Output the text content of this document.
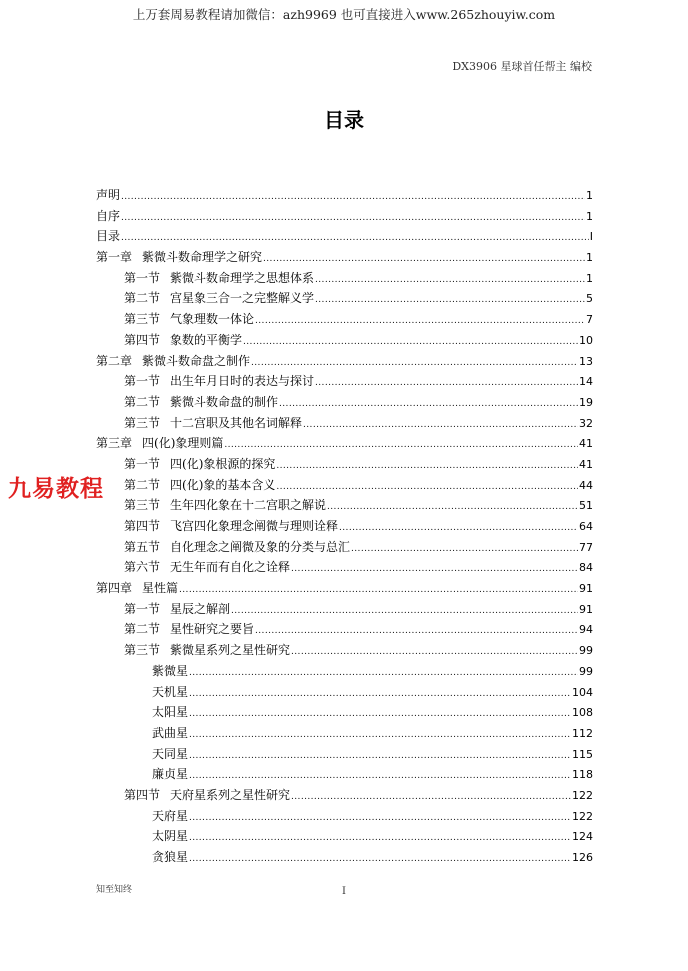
上万套周易教程请加微信：azh9969 也可直接进入www.265zhouyiw.com
DX3906 星球首任帮主 编校
目录
声明 .....	1
自序 .....	1
目录 .....	I
第一章 紫微斗数命理学之研究 .....	1
第一节 紫微斗数命理学之思想体系 .....	1
第二节 宫星象三合一之完整解义学 .....	5
第三节 气象理数一体论 .....	7
第四节 象数的平衡学 .....	10
第二章 紫微斗数命盘之制作 .....	13
第一节 出生年月日时的表达与探讨 .....	14
第二节 紫微斗数命盘的制作 .....	19
第三节 十二宫职及其他名词解释 .....	32
第三章 四(化)象理则篇 .....	41
第一节 四(化)象根源的探究 .....	41
第二节 四(化)象的基本含义 .....	44
第三节 生年四化象在十二宫职之解说 .....	51
第四节 飞宫四化象理念阐微与理则诠释 .....	64
第五节 自化理念之阐微及象的分类与总汇 .....	77
第六节 无生年而有自化之诠释 .....	84
第四章 星性篇 .....	91
第一节 星辰之解剖 .....	91
第二节 星性研究之要旨 .....	94
第三节 紫微星系列之星性研究 .....	99
紫微星 .....	99
天机星 .....	104
太阳星 .....	108
武曲星 .....	112
天同星 .....	115
廉贞星 .....	118
第四节 天府星系列之星性研究 .....	122
天府星 .....	122
太阴星 .....	124
贪狼星 .....	126
九易教程
知至知终	I
